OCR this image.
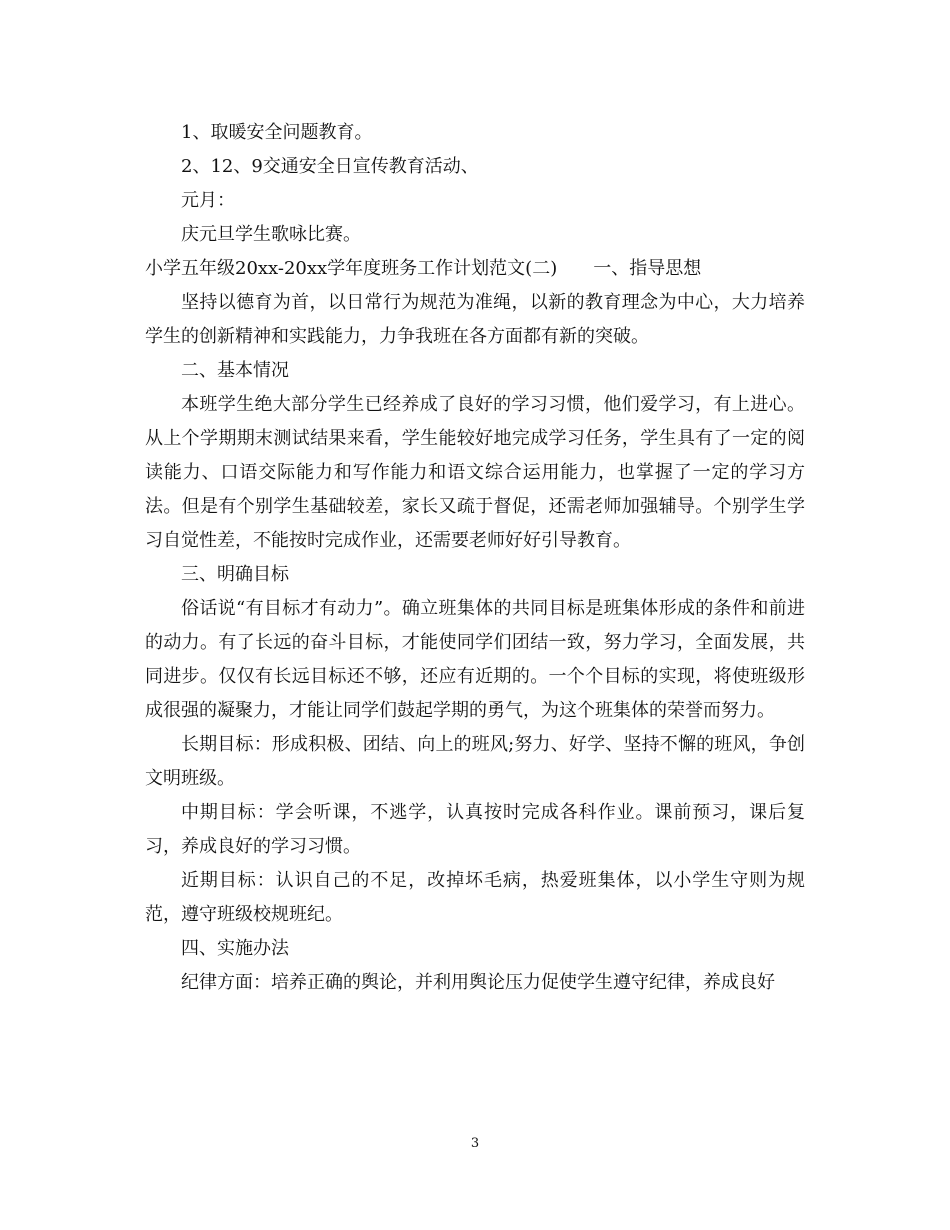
1、取暖安全问题教育。

2、12、9交通安全日宣传教育活动、

元月：

庆元旦学生歌咏比赛。

小学五年级20xx-20xx学年度班务工作计划范文(二) 一、指导思想

坚持以德育为首，以日常行为规范为准绳，以新的教育理念为中心，大力培养学生的创新精神和实践能力，力争我班在各方面都有新的突破。

二、基本情况

本班学生绝大部分学生已经养成了良好的学习习惯，他们爱学习，有上进心。从上个学期期末测试结果来看，学生能较好地完成学习任务，学生具有了一定的阅读能力、口语交际能力和写作能力和语文综合运用能力，也掌握了一定的学习方法。但是有个别学生基础较差，家长又疏于督促，还需老师加强辅导。个别学生学习自觉性差，不能按时完成作业，还需要老师好好引导教育。

三、明确目标

俗话说“有目标才有动力”。确立班集体的共同目标是班集体形成的条件和前进的动力。有了长远的奋斗目标，才能使同学们团结一致，努力学习，全面发展，共同进步。仅仅有长远目标还不够，还应有近期的。一个个目标的实现，将使班级形成很强的凝聚力，才能让同学们鼓起学期的勇气，为这个班集体的荣誉而努力。

长期目标：形成积极、团结、向上的班风;努力、好学、坚持不懈的班风，争创文明班级。

中期目标：学会听课，不逃学，认真按时完成各科作业。课前预习，课后复习，养成良好的学习习惯。

近期目标：认识自己的不足，改掉坏毛病，热爱班集体，以小学生守则为规范，遵守班级校规班纪。

四、实施办法

纪律方面：培养正确的舆论，并利用舆论压力促使学生遵守纪律，养成良好

3
